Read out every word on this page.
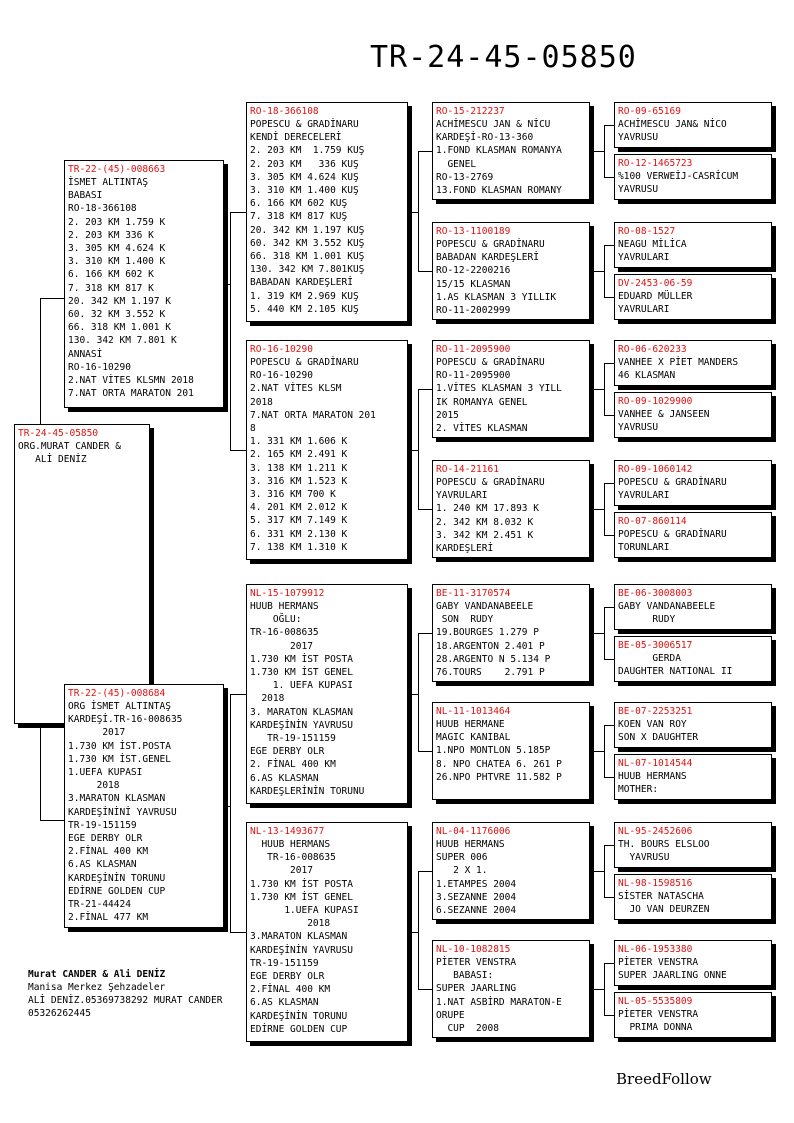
TR-24-45-05850
TR-24-45-05850
ORG.MURAT CANDER &
ALİ DENİZ
TR-22-(45)-008663
İSMET ALTINTAŞ
BABASI
RO-18-366108
2. 203 KM 1.759 K
2. 203 KM 336 K
3. 305 KM 4.624 K
3. 310 KM 1.400 K
6. 166 KM 602 K
7. 318 KM 817 K
20. 342 KM 1.197 K
60. 32 KM 3.552 K
66. 318 KM 1.001 K
130. 342 KM 7.801 K
ANNASİ
RO-16-10290
2.NAT VİTES KLSMN 2018
7.NAT ORTA MARATON 201
TR-22-(45)-008684
ORG İSMET ALTINTAŞ
KARDEŞİ.TR-16-008635
2017
1.730 KM İST.POSTA
1.730 KM İST.GENEL
1.UEFA KUPASI
2018
3.MARATON KLASMAN
KARDEŞİNİNİ YAVRUSU
TR-19-151159
EGE DERBY OLR
2.FİNAL 400 KM
6.AS KLASMAN
KARDEŞİNİN TORUNU
EDİRNE GOLDEN CUP
TR-21-44424
2.FİNAL 477 KM
RO-18-366108
POPESCU & GRADİNARU
KENDİ DERECELERİ
2. 203 KM  1.759 KUŞ
2. 203 KM   336 KUŞ
3. 305 KM 4.624 KUŞ
3. 310 KM 1.400 KUŞ
6. 166 KM 602 KUŞ
7. 318 KM 817 KUŞ
20. 342 KM 1.197 KUŞ
60. 342 KM 3.552 KUŞ
66. 318 KM 1.001 KUŞ
130. 342 KM 7.801KUŞ
BABADAN KARDEŞLERİ
1. 319 KM 2.969 KUŞ
5. 440 KM 2.105 KUŞ
RO-16-10290
POPESCU & GRADİNARU
RO-16-10290
2.NAT VİTES KLSM
2018
7.NAT ORTA MARATON 201
8
1. 331 KM 1.606 K
2. 165 KM 2.491 K
3. 138 KM 1.211 K
3. 316 KM 1.523 K
3. 316 KM 700 K
4. 201 KM 2.012 K
5. 317 KM 7.149 K
6. 331 KM 2.130 K
7. 138 KM 1.310 K
NL-15-1079912
HUUB HERMANS
OĞLU:
TR-16-008635
2017
1.730 KM İST POSTA
1.730 KM İST GENEL
1. UEFA KUPASI
2018
3. MARATON KLASMAN
KARDEŞİNİN YAVRUSU
TR-19-151159
EGE DERBY OLR
2. FİNAL 400 KM
6.AS KLASMAN
KARDEŞLERİNİN TORUNU
NL-13-1493677
HUUB HERMANS
TR-16-008635
2017
1.730 KM İST POSTA
1.730 KM İST GENEL
1.UEFA KUPASI
2018
3.MARATON KLASMAN
KARDEŞİNİN YAVRUSU
TR-19-151159
EGE DERBY OLR
2.FİNAL 400 KM
6.AS KLASMAN
KARDEŞİNİN TORUNU
EDİRNE GOLDEN CUP
RO-15-212237
ACHİMESCU JAN & NİCU
KARDEŞİ-RO-13-360
1.FOND KLASMAN ROMANYA
GENEL
RO-13-2769
13.FOND KLASMAN ROMANY
RO-13-1100189
POPESCU & GRADİNARU
BABADAN KARDEŞLERİ
RO-12-2200216
15/15 KLASMAN
1.AS KLASMAN 3 YILLIK
RO-11-2002999
RO-11-2095900
POPESCU & GRADİNARU
RO-11-2095900
1.VİTES KLASMAN 3 YILL
IK ROMANYA GENEL
2015
2. VİTES KLASMAN
RO-14-21161
POPESCU & GRADİNARU
YAVRULARI
1. 240 KM 17.893 K
2. 342 KM 8.032 K
3. 342 KM 2.451 K
KARDEŞLERİ
BE-11-3170574
GABY VANDANABEELE
SON  RUDY
19.BOURGES 1.279 P
18.ARGENTON 2.401 P
28.ARGENTO N 5.134 P
76.TOURS    2.791 P
NL-11-1013464
HUUB HERMANE
MAGIC KANIBAL
1.NPO MONTLON 5.185P
8. NPO CHATEA 6. 261 P
26.NPO PHTVRE 11.582 P
NL-04-1176006
HUUB HERMANS
SUPER 006
2 X 1.
1.ETAMPES 2004
3.SEZANNE 2004
6.SEZANNE 2004
NL-10-1082815
PİETER VENSTRA
BABASI:
SUPER JAARLING
1.NAT ASBİRD MARATON-E
ORUPE
CUP  2008
RO-09-65169
ACHİMESCU JAN& NİCO
YAVRUSU
RO-12-1465723
%100 VERWEİJ-CASRİCUM
YAVRUSU
RO-08-1527
NEAGU MİLİCA
YAVRULARI
DV-2453-06-59
EDUARD MÜLLER
YAVRULARI
RO-06-620233
VANHEE X PİET MANDERS
46 KLASMAN
RO-09-1029900
VANHEE & JANSEEN
YAVRUSU
RO-09-1060142
POPESCU & GRADİNARU
YAVRULARI
RO-07-860114
POPESCU & GRADİNARU
TORUNLARI
BE-06-3008003
GABY VANDANABEELE
RUDY
BE-05-3006517
GERDA
DAUGHTER NATIONAL II
BE-07-2253251
KOEN VAN ROY
SON X DAUGHTER
NL-07-1014544
HUUB HERMANS
MOTHER:
NL-95-2452606
TH. BOURS ELSLOO
YAVRUSU
NL-98-1598516
SİSTER NATASCHA
JO VAN DEURZEN
NL-06-1953380
PİETER VENSTRA
SUPER JAARLING ONNE
NL-05-5535809
PİETER VENSTRA
PRIMA DONNA
Murat CANDER & Ali DENİZ
Manisa Merkez Şehzadeler
ALİ DENİZ.05369738292 MURAT CANDER 05326262445
BreedFollow
